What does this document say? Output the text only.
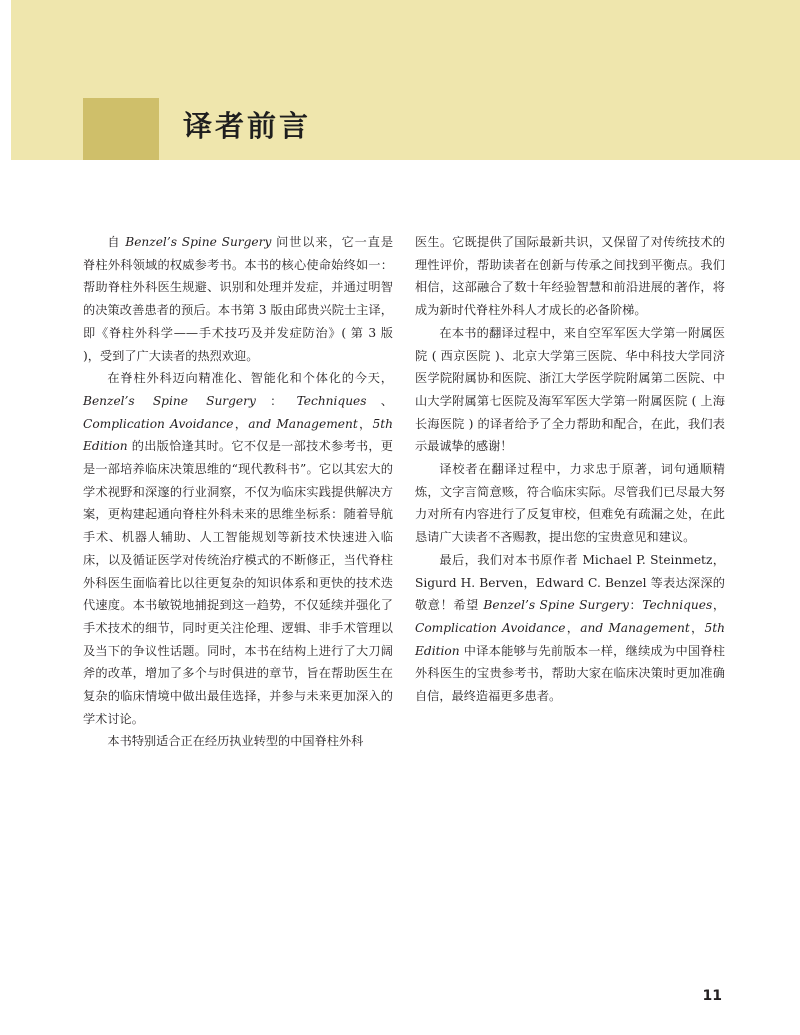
译者前言

自 Benzel’s Spine Surgery 问世以来，它一直是脊柱外科领域的权威参考书。本书的核心使命始终如一：帮助脊柱外科医生规避、识别和处理并发症，并通过明智的决策改善患者的预后。本书第 3 版由邱贵兴院士主译，即《脊柱外科学——手术技巧及并发症防治》( 第 3 版 )，受到了广大读者的热烈欢迎。

在脊柱外科迈向精准化、智能化和个体化的今天，Benzel’s Spine Surgery：Techniques、Complication Avoidance，and Management，5th Edition 的出版恰逢其时。它不仅是一部技术参考书，更是一部培养临床决策思维的“现代教科书”。它以其宏大的学术视野和深邃的行业洞察，不仅为临床实践提供解决方案，更构建起通向脊柱外科未来的思维坐标系：随着导航手术、机器人辅助、人工智能规划等新技术快速进入临床，以及循证医学对传统治疗模式的不断修正，当代脊柱外科医生面临着比以往更复杂的知识体系和更快的技术迭代速度。本书敏锐地捕捉到这一趋势，不仅延续并强化了手术技术的细节，同时更关注伦理、逻辑、非手术管理以及当下的争议性话题。同时，本书在结构上进行了大刀阔斧的改革，增加了多个与时俱进的章节，旨在帮助医生在复杂的临床情境中做出最佳选择，并参与未来更加深入的学术讨论。

本书特别适合正在经历执业转型的中国脊柱外科

医生。它既提供了国际最新共识，又保留了对传统技术的理性评价，帮助读者在创新与传承之间找到平衡点。我们相信，这部融合了数十年经验智慧和前沿进展的著作，将成为新时代脊柱外科人才成长的必备阶梯。

在本书的翻译过程中，来自空军军医大学第一附属医院 ( 西京医院 )、北京大学第三医院、华中科技大学同济医学院附属协和医院、浙江大学医学院附属第二医院、中山大学附属第七医院及海军军医大学第一附属医院 ( 上海长海医院 ) 的译者给予了全力帮助和配合，在此，我们表示最诚挚的感谢！

译校者在翻译过程中，力求忠于原著，词句通顺精炼，文字言简意赅，符合临床实际。尽管我们已尽最大努力对所有内容进行了反复审校，但难免有疏漏之处，在此恳请广大读者不吝赐教，提出您的宝贵意见和建议。

最后，我们对本书原作者 Michael P. Steinmetz，Sigurd H. Berven，Edward C. Benzel 等表达深深的敬意！希望 Benzel’s Spine Surgery：Techniques，Complication Avoidance，and Management，5th Edition 中译本能够与先前版本一样，继续成为中国脊柱外科医生的宝贵参考书，帮助大家在临床决策时更加准确自信，最终造福更多患者。

11
